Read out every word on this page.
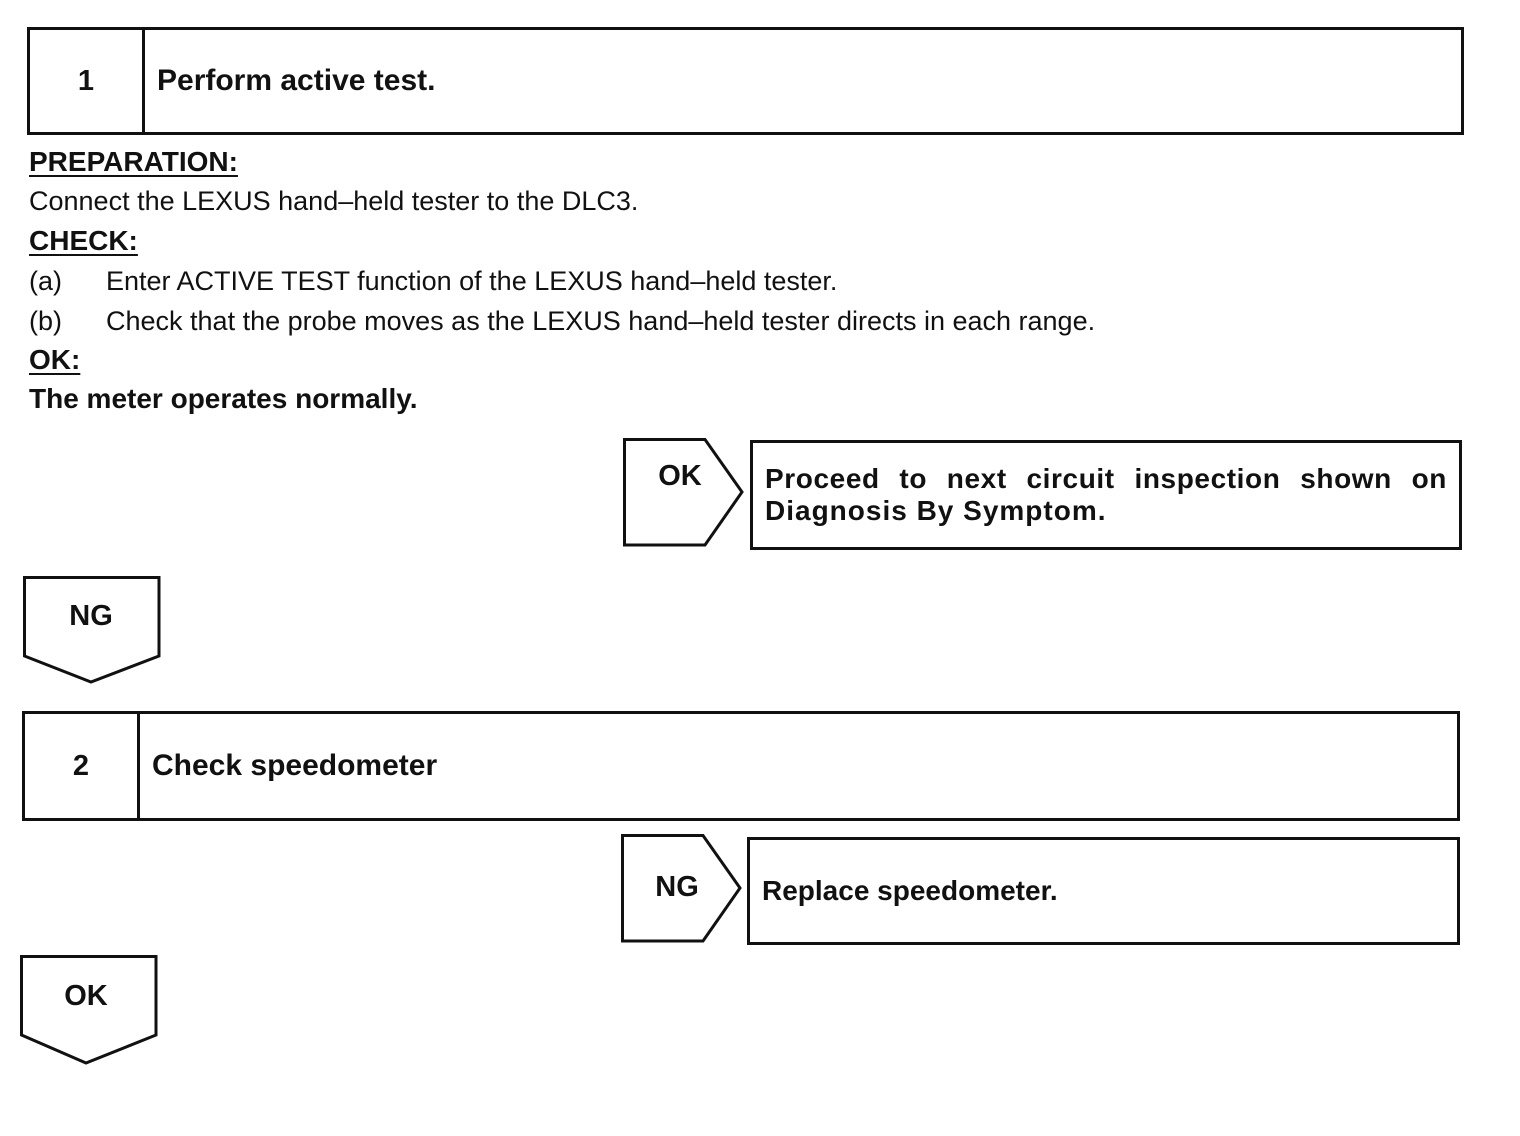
1	Perform active test.
PREPARATION:
Connect the LEXUS hand–held tester to the DLC3.
CHECK:
(a) Enter ACTIVE TEST function of the LEXUS hand–held tester.
(b) Check that the probe moves as the LEXUS hand–held tester directs in each range.
OK:
The meter operates normally.
OK	Proceed to next circuit inspection shown on
Diagnosis By Symptom.
NG
2	Check speedometer
NG	Replace speedometer.
OK
